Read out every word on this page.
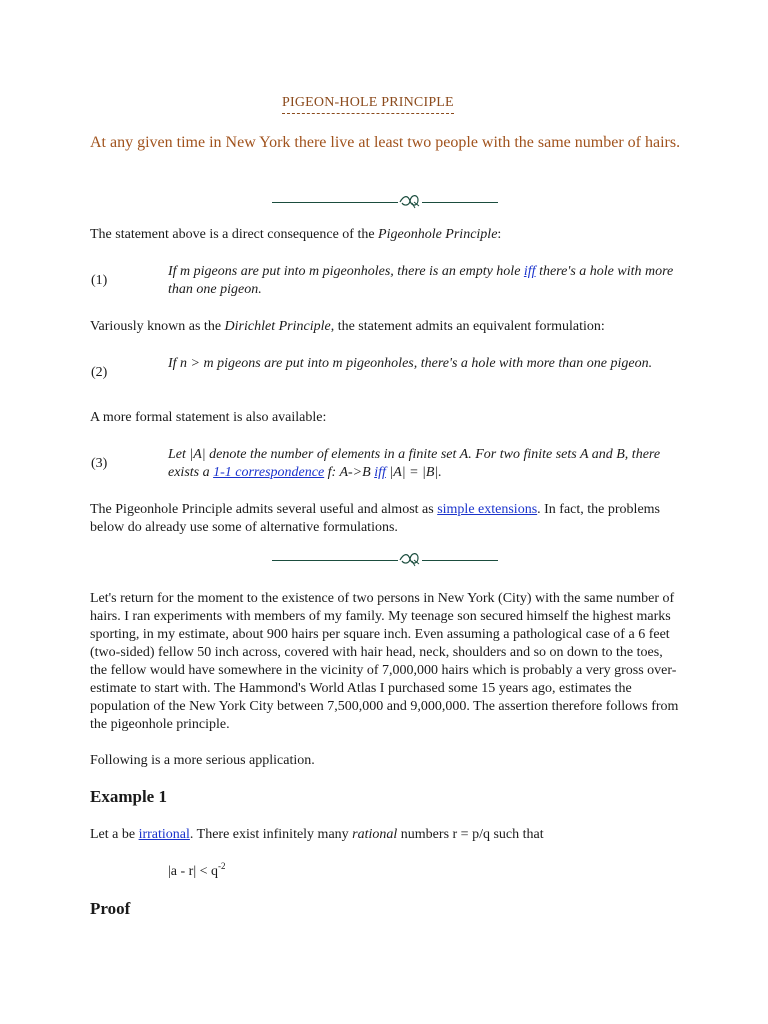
PIGEON-HOLE PRINCIPLE
At any given time in New York there live at least two people with the same number of hairs.
The statement above is a direct consequence of the Pigeonhole Principle:
(1)
If m pigeons are put into m pigeonholes, there is an empty hole iff there's a hole with more than one pigeon.
Variously known as the Dirichlet Principle, the statement admits an equivalent formulation:
(2)
If n > m pigeons are put into m pigeonholes, there's a hole with more than one pigeon.
A more formal statement is also available:
(3)
Let |A| denote the number of elements in a finite set A. For two finite sets A and B, there exists a 1-1 correspondence f: A->B iff |A| = |B|.
The Pigeonhole Principle admits several useful and almost as simple extensions. In fact, the problems below do already use some of alternative formulations.
Let's return for the moment to the existence of two persons in New York (City) with the same number of hairs. I ran experiments with members of my family. My teenage son secured himself the highest marks sporting, in my estimate, about 900 hairs per square inch. Even assuming a pathological case of a 6 feet (two-sided) fellow 50 inch across, covered with hair head, neck, shoulders and so on down to the toes, the fellow would have somewhere in the vicinity of 7,000,000 hairs which is probably a very gross over-estimate to start with. The Hammond's World Atlas I purchased some 15 years ago, estimates the population of the New York City between 7,500,000 and 9,000,000. The assertion therefore follows from the pigeonhole principle.
Following is a more serious application.
Example 1
Let a be irrational. There exist infinitely many rational numbers r = p/q such that
$|a - r| < q^{-2}$
Proof
